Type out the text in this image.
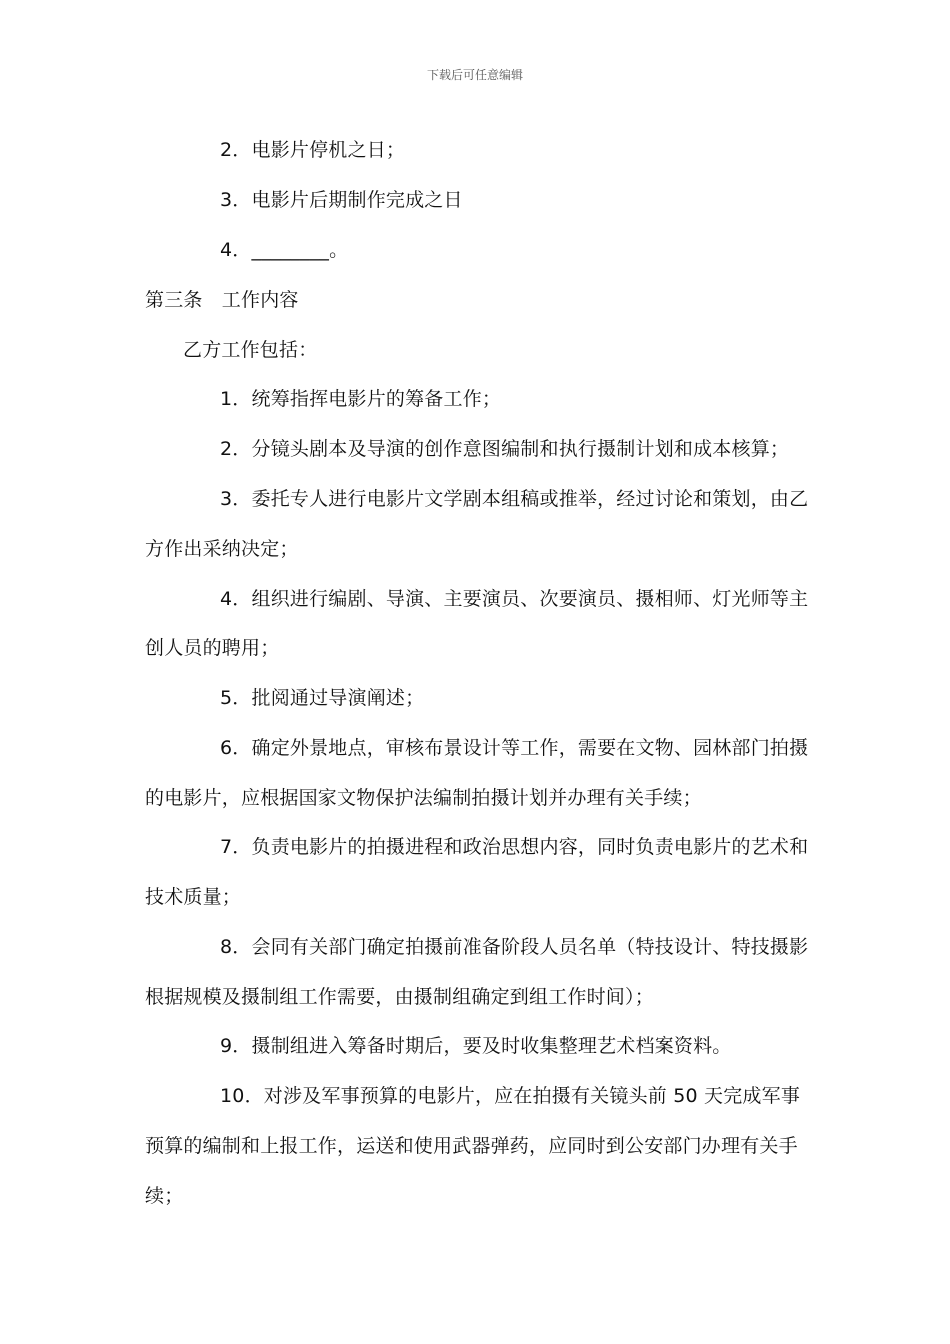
下载后可任意编辑
2．电影片停机之日；
3．电影片后期制作完成之日
4．________。
第三条　工作内容
乙方工作包括：
1．统筹指挥电影片的筹备工作；
2．分镜头剧本及导演的创作意图编制和执行摄制计划和成本核算；
3．委托专人进行电影片文学剧本组稿或推举，经过讨论和策划，由乙
方作出采纳决定；
4．组织进行编剧、导演、主要演员、次要演员、摄相师、灯光师等主
创人员的聘用；
5．批阅通过导演阐述；
6．确定外景地点，审核布景设计等工作，需要在文物、园林部门拍摄
的电影片，应根据国家文物保护法编制拍摄计划并办理有关手续；
7．负责电影片的拍摄进程和政治思想内容，同时负责电影片的艺术和
技术质量；
8．会同有关部门确定拍摄前准备阶段人员名单（特技设计、特技摄影
根据规模及摄制组工作需要，由摄制组确定到组工作时间）；
9．摄制组进入筹备时期后，要及时收集整理艺术档案资料。
10．对涉及军事预算的电影片，应在拍摄有关镜头前 50 天完成军事
预算的编制和上报工作，运送和使用武器弹药，应同时到公安部门办理有关手
续；
